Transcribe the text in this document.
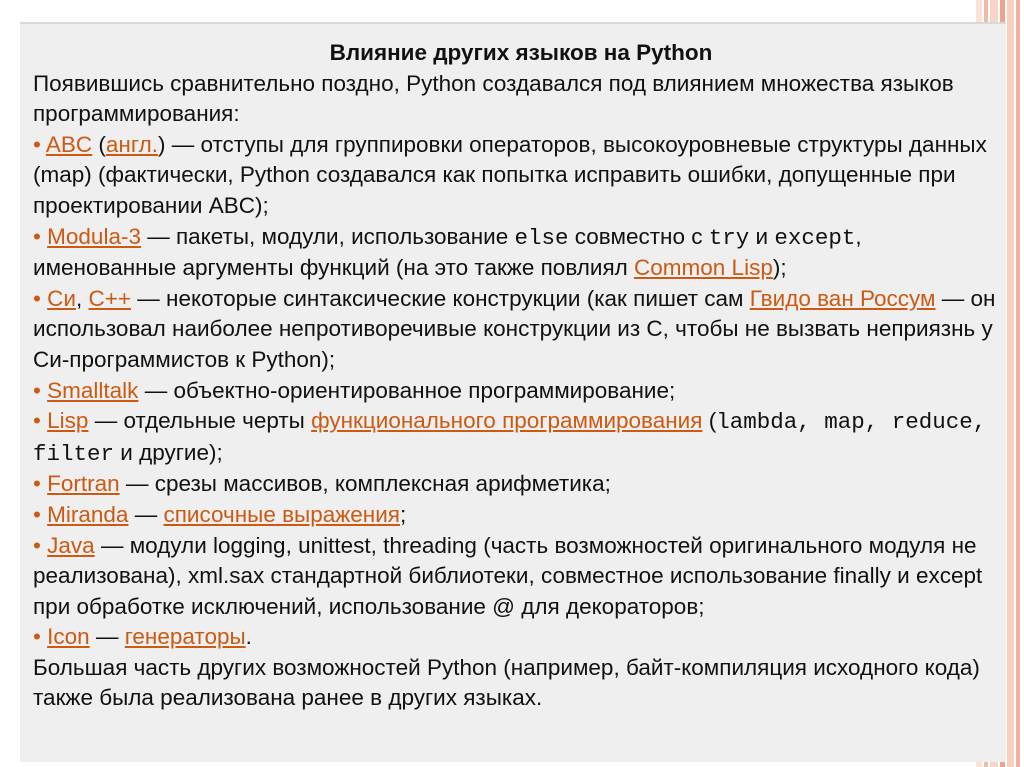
Влияние других языков на Python

Появившись сравнительно поздно, Python создавался под влиянием множества языков программирования:

• ABC (англ.) — отступы для группировки операторов, высокоуровневые структуры данных (map) (фактически, Python создавался как попытка исправить ошибки, допущенные при проектировании ABC);

• Modula-3 — пакеты, модули, использование else совместно с try и except, именованные аргументы функций (на это также повлиял Common Lisp);

• Си, C++ — некоторые синтаксические конструкции (как пишет сам Гвидо ван Россум — он использовал наиболее непротиворечивые конструкции из C, чтобы не вызвать неприязнь у Си-программистов к Python);

• Smalltalk — объектно-ориентированное программирование;

• Lisp — отдельные черты функционального программирования (lambda, map, reduce, filter и другие);

• Fortran — срезы массивов, комплексная арифметика;

• Miranda — списочные выражения;

• Java — модули logging, unittest, threading (часть возможностей оригинального модуля не реализована), xml.sax стандартной библиотеки, совместное использование finally и except при обработке исключений, использование @ для декораторов;

• Icon — генераторы.

Большая часть других возможностей Python (например, байт-компиляция исходного кода) также была реализована ранее в других языках.
